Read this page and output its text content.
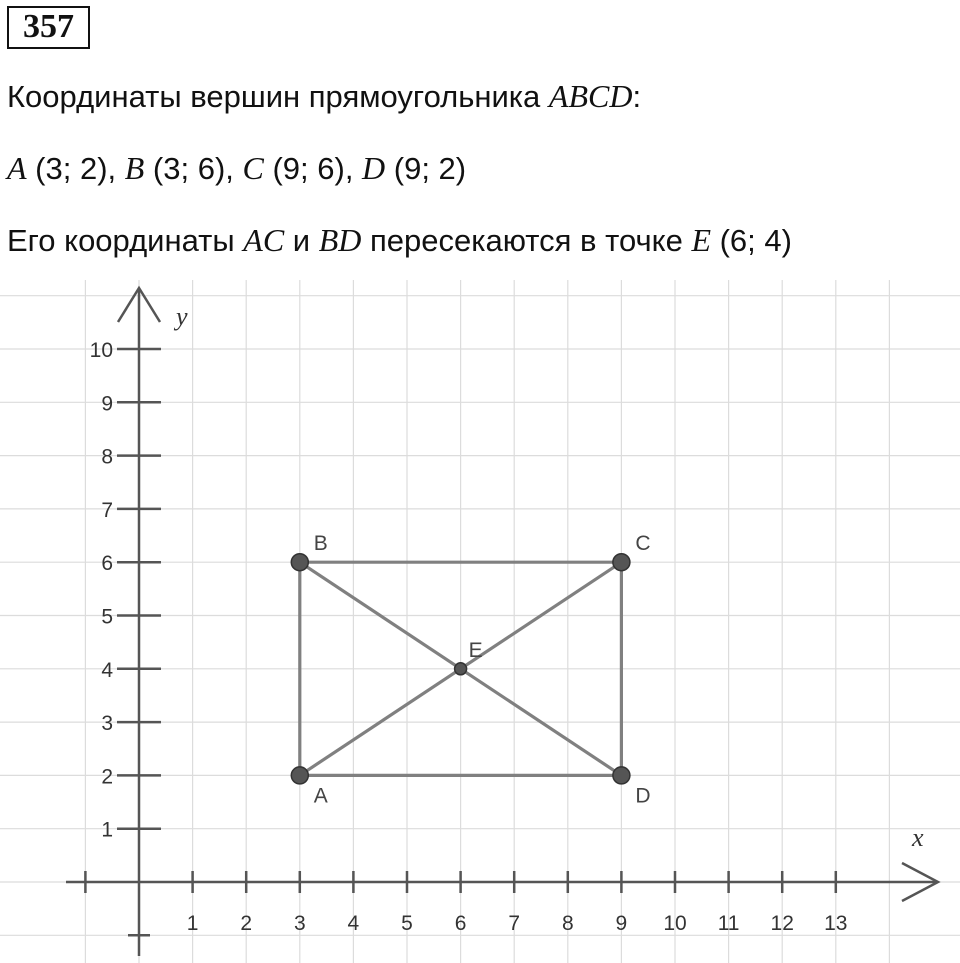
357
Координаты вершин прямоугольника ABCD:
A (3; 2), B (3; 6), C (9; 6), D (9; 2)
Его координаты AC и BD пересекаются в точке E (6; 4)
x
y
1 2 3 4 5 6 7 8 9 10 11 12 13
1
2
3
4
5
6
7
8
9
10
A
B	C
D
E
